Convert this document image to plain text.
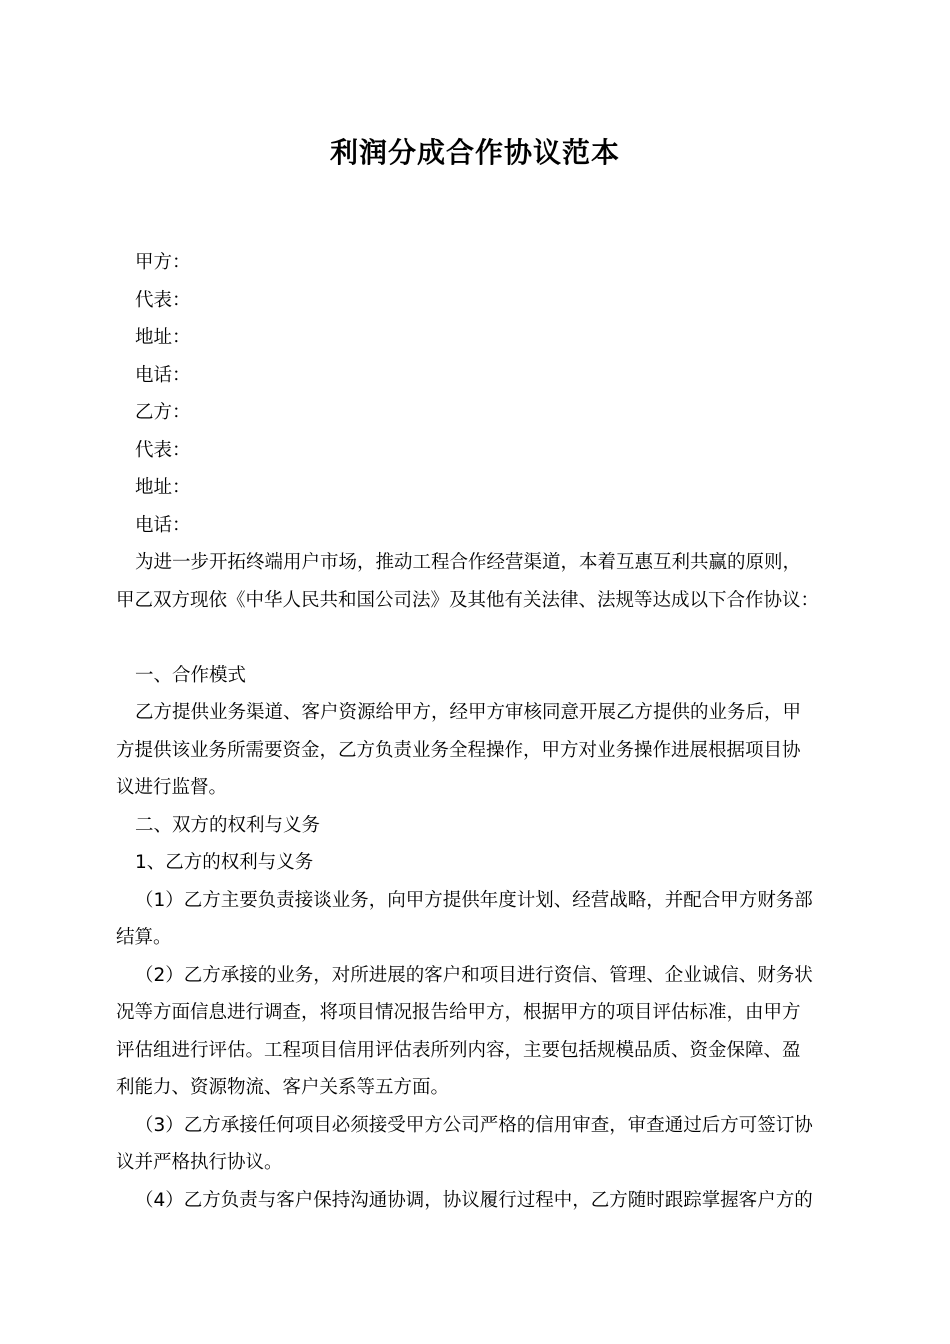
利润分成合作协议范本
甲方：
代表：
地址：
电话：
乙方：
代表：
地址：
电话：
为进一步开拓终端用户市场，推动工程合作经营渠道，本着互惠互利共赢的原则，
甲乙双方现依《中华人民共和国公司法》及其他有关法律、法规等达成以下合作协议：
一、合作模式
乙方提供业务渠道、客户资源给甲方，经甲方审核同意开展乙方提供的业务后，甲
方提供该业务所需要资金，乙方负责业务全程操作，甲方对业务操作进展根据项目协
议进行监督。
二、双方的权利与义务
1、乙方的权利与义务
（1）乙方主要负责接谈业务，向甲方提供年度计划、经营战略，并配合甲方财务部
结算。
（2）乙方承接的业务，对所进展的客户和项目进行资信、管理、企业诚信、财务状
况等方面信息进行调查，将项目情况报告给甲方，根据甲方的项目评估标准，由甲方
评估组进行评估。工程项目信用评估表所列内容，主要包括规模品质、资金保障、盈
利能力、资源物流、客户关系等五方面。
（3）乙方承接任何项目必须接受甲方公司严格的信用审查，审查通过后方可签订协
议并严格执行协议。
（4）乙方负责与客户保持沟通协调，协议履行过程中，乙方随时跟踪掌握客户方的
